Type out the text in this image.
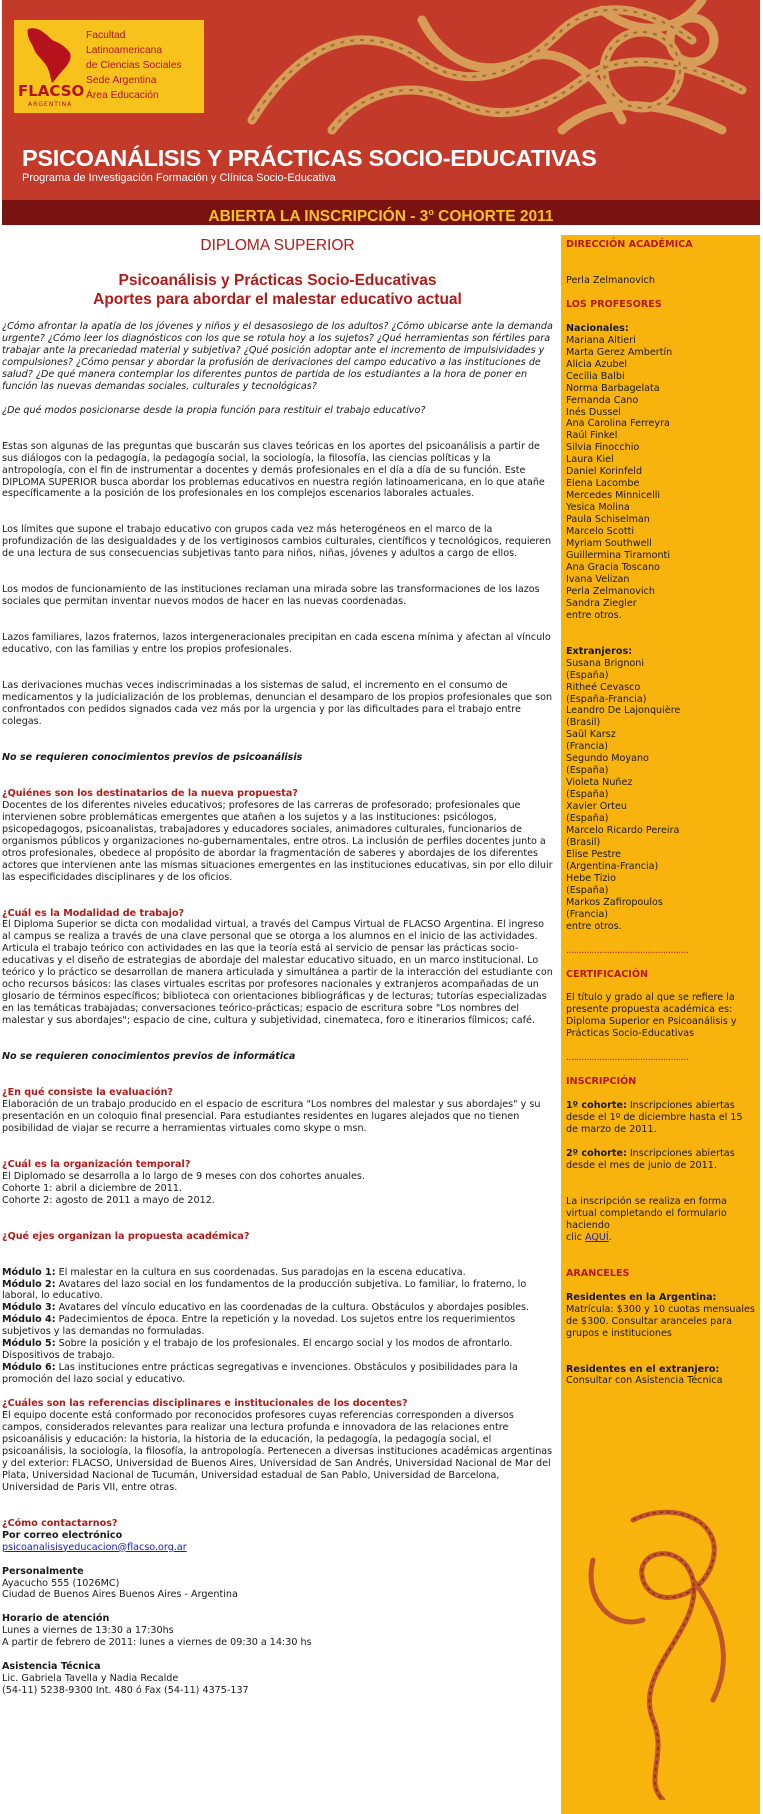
FLACSO
ARGENTINA
Facultad
Latinoamericana
de Ciencias Sociales
Sede Argentina
Área Educación
PSICOANÁLISIS Y PRÁCTICAS SOCIO-EDUCATIVAS
Programa de Investigación Formación y Clínica Socio-Educativa
ABIERTA LA INSCRIPCIÓN - 3$^o$ COHORTE 2011
DIPLOMA SUPERIOR
Psicoanálisis y Prácticas Socio-Educativas
Aportes para abordar el malestar educativo actual

¿Cómo afrontar la apatía de los jóvenes y niños y el desasosiego de los adultos? ¿Cómo ubicarse ante la demanda urgente? ¿Cómo leer los diagnósticos con los que se rotula hoy a los sujetos? ¿Qué herramientas son fértiles para trabajar ante la precariedad material y subjetiva? ¿Qué posición adoptar ante el incremento de impulsividades y compulsiones? ¿Cómo pensar y abordar la profusión de derivaciones del campo educativo a las instituciones de salud? ¿De qué manera contemplar los diferentes puntos de partida de los estudiantes a la hora de poner en función las nuevas demandas sociales, culturales y tecnológicas?

¿De qué modos posicionarse desde la propia función para restituir el trabajo educativo?

Estas son algunas de las preguntas que buscarán sus claves teóricas en los aportes del psicoanálisis a partir de sus diálogos con la pedagogía, la pedagogía social, la sociología, la filosofía, las ciencias políticas y la antropología, con el fin de instrumentar a docentes y demás profesionales en el día a día de su función. Este DIPLOMA SUPERIOR busca abordar los problemas educativos en nuestra región latinoamericana, en lo que atañe específicamente a la posición de los profesionales en los complejos escenarios laborales actuales.

Los límites que supone el trabajo educativo con grupos cada vez más heterogéneos en el marco de la profundización de las desigualdades y de los vertiginosos cambios culturales, científicos y tecnológicos, requieren de una lectura de sus consecuencias subjetivas tanto para niños, niñas, jóvenes y adultos a cargo de ellos.

Los modos de funcionamiento de las instituciones reclaman una mirada sobre las transformaciones de los lazos sociales que permitan inventar nuevos modos de hacer en las nuevas coordenadas.

Lazos familiares, lazos fraternos, lazos intergeneracionales precipitan en cada escena mínima y afectan al vínculo educativo, con las familias y entre los propios profesionales.

Las derivaciones muchas veces indiscriminadas a los sistemas de salud, el incremento en el consumo de medicamentos y la judicialización de los problemas, denuncian el desamparo de los propios profesionales que son confrontados con pedidos signados cada vez más por la urgencia y por las dificultades para el trabajo entre colegas.

No se requieren conocimientos previos de psicoanálisis

¿Quiénes son los destinatarios de la nueva propuesta?

Docentes de los diferentes niveles educativos; profesores de las carreras de profesorado; profesionales que intervienen sobre problemáticas emergentes que atañen a los sujetos y a las instituciones: psicólogos, psicopedagogos, psicoanalistas, trabajadores y educadores sociales, animadores culturales, funcionarios de organismos públicos y organizaciones no-gubernamentales, entre otros. La inclusión de perfiles docentes junto a otros profesionales, obedece al propósito de abordar la fragmentación de saberes y abordajes de los diferentes actores que intervienen ante las mismas situaciones emergentes en las instituciones educativas, sin por ello diluir las especificidades disciplinares y de los oficios.

¿Cuál es la Modalidad de trabajo?

El Diploma Superior se dicta con modalidad virtual, a través del Campus Virtual de FLACSO Argentina. El ingreso al campus se realiza a través de una clave personal que se otorga a los alumnos en el inicio de las actividades. Articula el trabajo teórico con actividades en las que la teoría está al servicio de pensar las prácticas socio-educativas y el diseño de estrategias de abordaje del malestar educativo situado, en un marco institucional. Lo teórico y lo práctico se desarrollan de manera articulada y simultánea a partir de la interacción del estudiante con ocho recursos básicos: las clases virtuales escritas por profesores nacionales y extranjeros acompañadas de un glosario de términos específicos; biblioteca con orientaciones bibliográficas y de lecturas; tutorías especializadas en las temáticas trabajadas; conversaciones teórico-prácticas; espacio de escritura sobre "Los nombres del malestar y sus abordajes"; espacio de cine, cultura y subjetividad, cinemateca, foro e itinerarios fílmicos; café.

No se requieren conocimientos previos de informática

¿En qué consiste la evaluación?

Elaboración de un trabajo producido en el espacio de escritura "Los nombres del malestar y sus abordajes" y su presentación en un coloquio final presencial. Para estudiantes residentes en lugares alejados que no tienen posibilidad de viajar se recurre a herramientas virtuales como skype o msn.

¿Cuál es la organización temporal?

El Diplomado se desarrolla a lo largo de 9 meses con dos cohortes anuales.

Cohorte 1: abril a diciembre de 2011.

Cohorte 2: agosto de 2011 a mayo de 2012.

¿Qué ejes organizan la propuesta académica?

Módulo 1: El malestar en la cultura en sus coordenadas. Sus paradojas en la escena educativa.

Módulo 2: Avatares del lazo social en los fundamentos de la producción subjetiva. Lo familiar, lo fraterno, lo laboral, lo educativo.

Módulo 3: Avatares del vínculo educativo en las coordenadas de la cultura. Obstáculos y abordajes posibles.

Módulo 4: Padecimientos de época. Entre la repetición y la novedad. Los sujetos entre los requerimientos subjetivos y las demandas no formuladas.

Módulo 5: Sobre la posición y el trabajo de los profesionales. El encargo social y los modos de afrontarlo. Dispositivos de trabajo.

Módulo 6: Las instituciones entre prácticas segregativas e invenciones. Obstáculos y posibilidades para la promoción del lazo social y educativo.

¿Cuáles son las referencias disciplinares e institucionales de los docentes?

El equipo docente está conformado por reconocidos profesores cuyas referencias corresponden a diversos campos, considerados relevantes para realizar una lectura profunda e innovadora de las relaciones entre psicoanálisis y educación: la historia, la historia de la educación, la pedagogía, la pedagogía social, el psicoanálisis, la sociología, la filosofía, la antropología. Pertenecen a diversas instituciones académicas argentinas y del exterior: FLACSO, Universidad de Buenos Aires, Universidad de San Andrés, Universidad Nacional de Mar del Plata, Universidad Nacional de Tucumán, Universidad estadual de San Pablo, Universidad de Barcelona, Universidad de Paris VII, entre otras.

¿Cómo contactarnos?

Por correo electrónico

psicoanalisisyeducacion@flacso.org.ar

Personalmente

Ayacucho 555 (1026MC)

Ciudad de Buenos Aires Buenos Aires - Argentina

Horario de atención

Lunes a viernes de 13:30 a 17:30hs

A partir de febrero de 2011: lunes a viernes de 09:30 a 14:30 hs

Asistencia Técnica

Lic. Gabriela Tavella y Nadia Recalde

(54-11) 5238-9300 Int. 480 ó Fax (54-11) 4375-137

DIRECCIÓN ACADÉMICA
Perla Zelmanovich
LOS PROFESORES
Nacionales:
Mariana Altieri
Marta Gerez Ambertín
Alicia Azubel
Cecilia Balbi
Norma Barbagelata
Fernanda Cano
Inés Dussel
Ana Carolina Ferreyra
Raúl Finkel
Silvia Finocchio
Laura Kiel
Daniel Korinfeld
Elena Lacombe
Mercedes Minnicelli
Yesica Molina
Paula Schiselman
Marcelo Scotti
Myriam Southwell
Guillermina Tiramonti
Ana Gracia Toscano
Ivana Velizan
Perla Zelmanovich
Sandra Ziegler
entre otros.
Extranjeros:
Susana Brignoni
(España)
Ritheé Cevasco
(España-Francia)
Leandro De Lajonquière
(Brasil)
Saül Karsz
(Francia)
Segundo Moyano
(España)
Violeta Nuñez
(España)
Xavier Orteu
(España)
Marcelo Ricardo Pereira
(Brasil)
Elise Pestre
(Argentina-Francia)
Hebe Tizio
(España)
Markos Zafiropoulos
(Francia)
entre otros.
................................................
CERTIFICACIÓN
El título y grado al que se refiere la presente propuesta académica es: Diploma Superior en Psicoanálisis y Prácticas Socio-Educativas
................................................
INSCRIPCIÓN
1º cohorte: Inscripciones abiertas desde el 1º de diciembre hasta el 15 de marzo de 2011.
2º cohorte: Inscripciones abiertas desde el mes de junio de 2011.
La inscripción se realiza en forma virtual completando el formulario haciendo
clic AQUÍ.
ARANCELES
Residentes en la Argentina:
Matrícula: $300 y 10 cuotas mensuales de $300. Consultar aranceles para grupos e instituciones
Residentes en el extranjero:
Consultar con Asistencia Técnica
